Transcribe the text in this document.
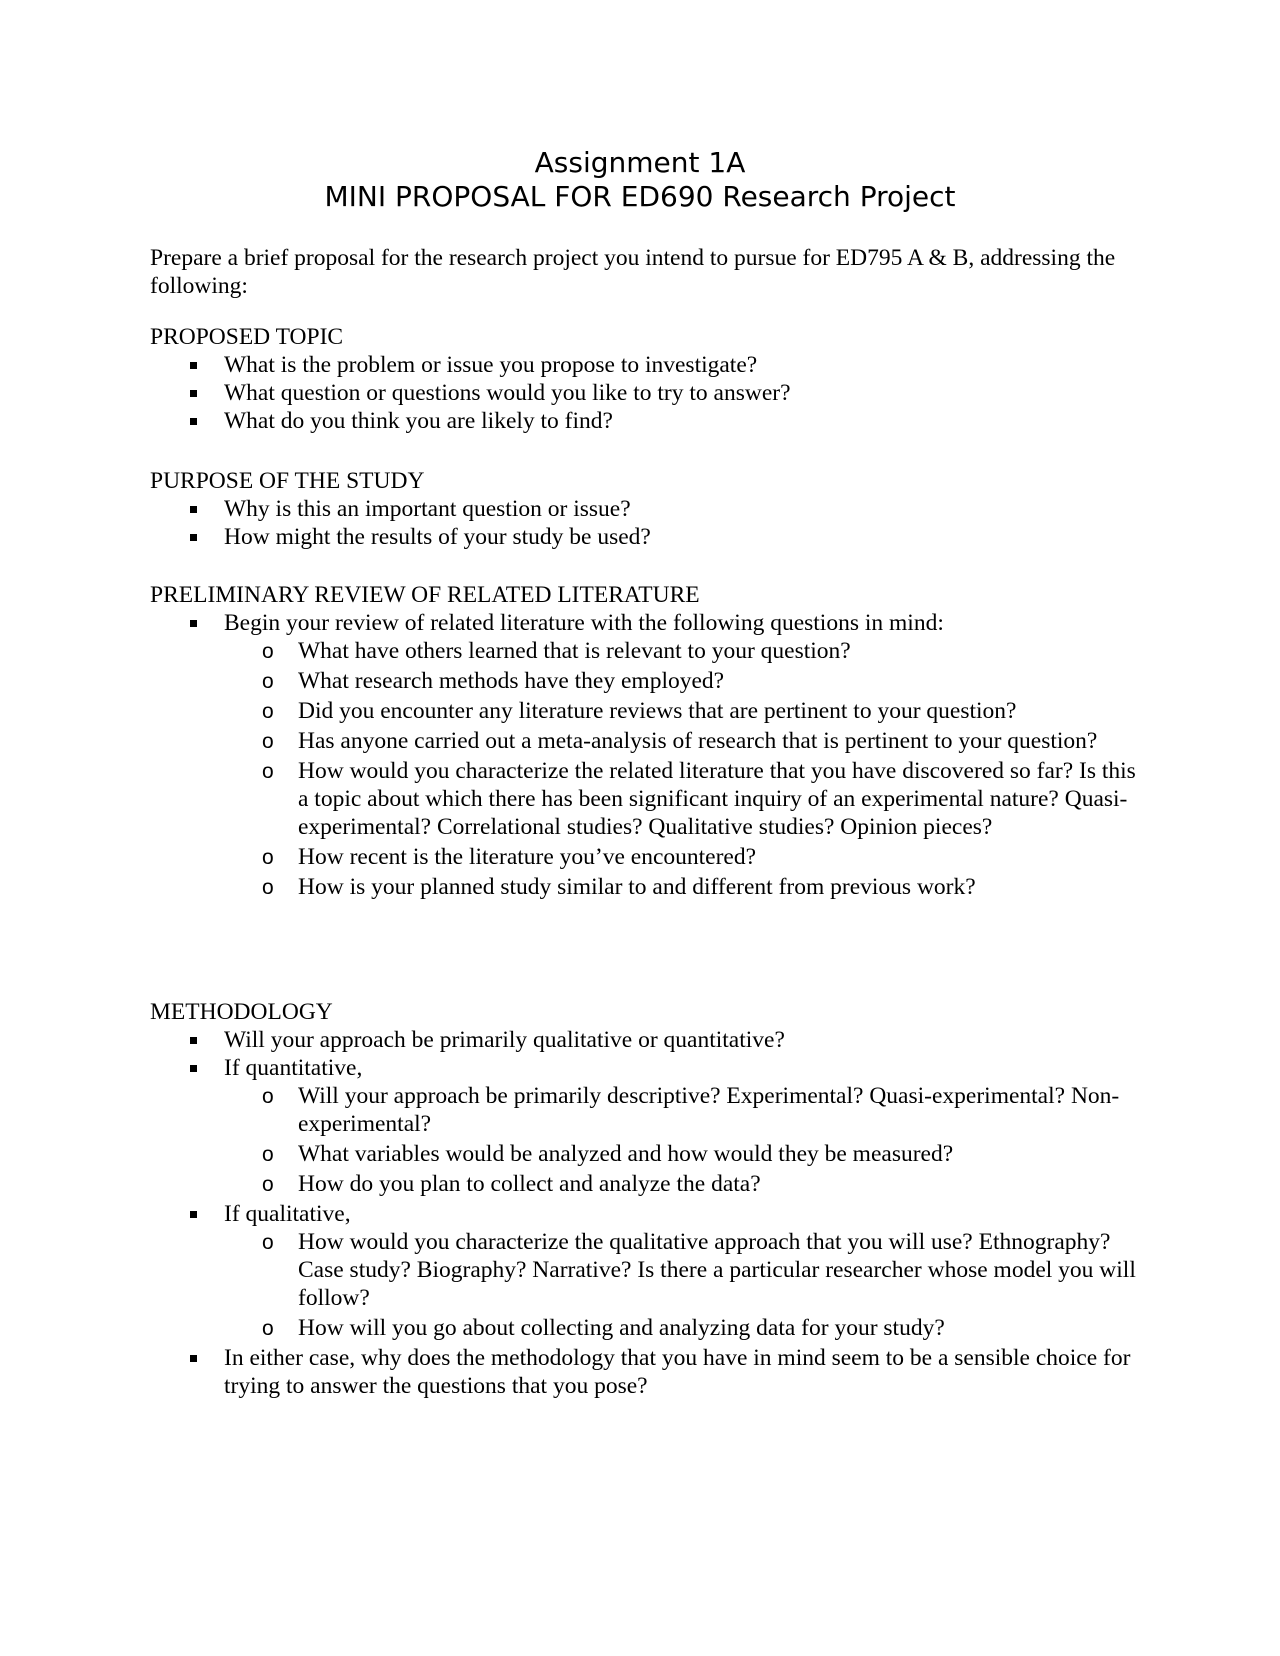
Assignment 1A
MINI PROPOSAL FOR ED690 Research Project
Prepare a brief proposal for the research project you intend to pursue for ED795 A & B, addressing the following:
PROPOSED TOPIC
What is the problem or issue you propose to investigate?
What question or questions would you like to try to answer?
What do you think you are likely to find?
PURPOSE OF THE STUDY
Why is this an important question or issue?
How might the results of your study be used?
PRELIMINARY REVIEW OF RELATED LITERATURE
Begin your review of related literature with the following questions in mind:
o What have others learned that is relevant to your question?
o What research methods have they employed?
o Did you encounter any literature reviews that are pertinent to your question?
o Has anyone carried out a meta-analysis of research that is pertinent to your question?
o How would you characterize the related literature that you have discovered so far? Is this a topic about which there has been significant inquiry of an experimental nature? Quasi-experimental? Correlational studies? Qualitative studies? Opinion pieces?
o How recent is the literature you’ve encountered?
o How is your planned study similar to and different from previous work?
METHODOLOGY
Will your approach be primarily qualitative or quantitative?
If quantitative,
o Will your approach be primarily descriptive? Experimental? Quasi-experimental? Non-experimental?
o What variables would be analyzed and how would they be measured?
o How do you plan to collect and analyze the data?
If qualitative,
o How would you characterize the qualitative approach that you will use? Ethnography? Case study? Biography? Narrative? Is there a particular researcher whose model you will follow?
o How will you go about collecting and analyzing data for your study?
In either case, why does the methodology that you have in mind seem to be a sensible choice for trying to answer the questions that you pose?
